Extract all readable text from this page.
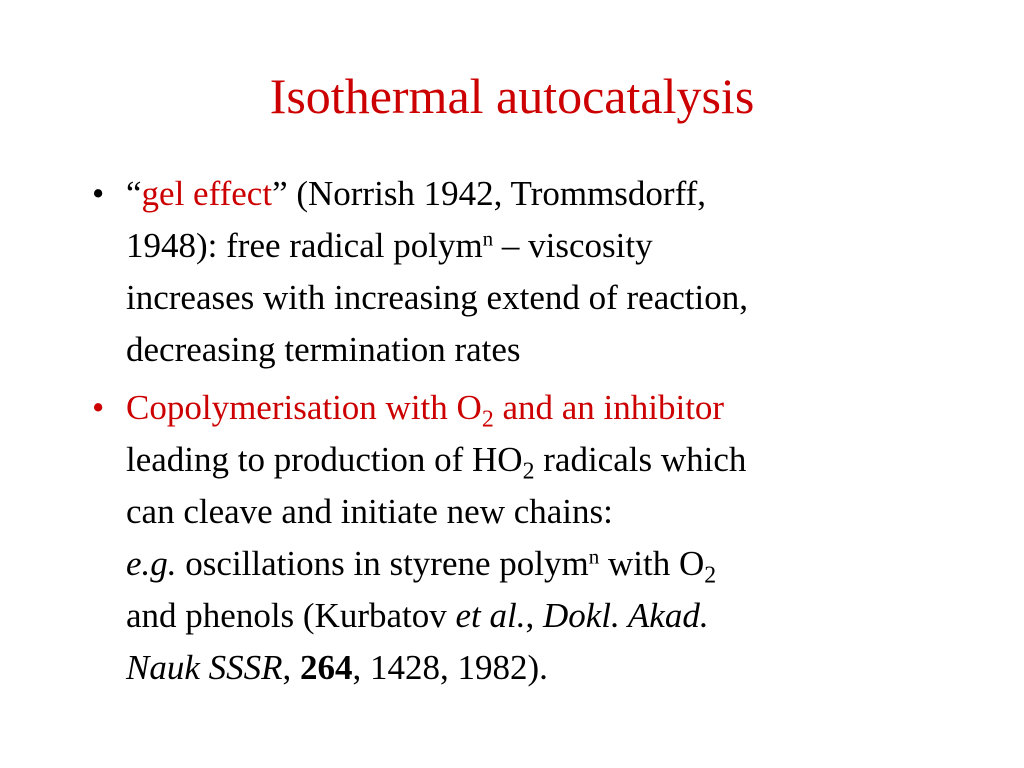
Isothermal autocatalysis
• “gel effect” (Norrish 1942, Trommsdorff,
1948): free radical polym$^n$ – viscosity
increases with increasing extend of reaction,
decreasing termination rates
• Copolymerisation with $O_2$ and an inhibitor
leading to production of $HO_2$ radicals which
can cleave and initiate new chains:
e.g. oscillations in styrene polym$^n$ with $O_2$
and phenols (Kurbatov et al., Dokl. Akad.
Nauk SSSR, 264, 1428, 1982).
